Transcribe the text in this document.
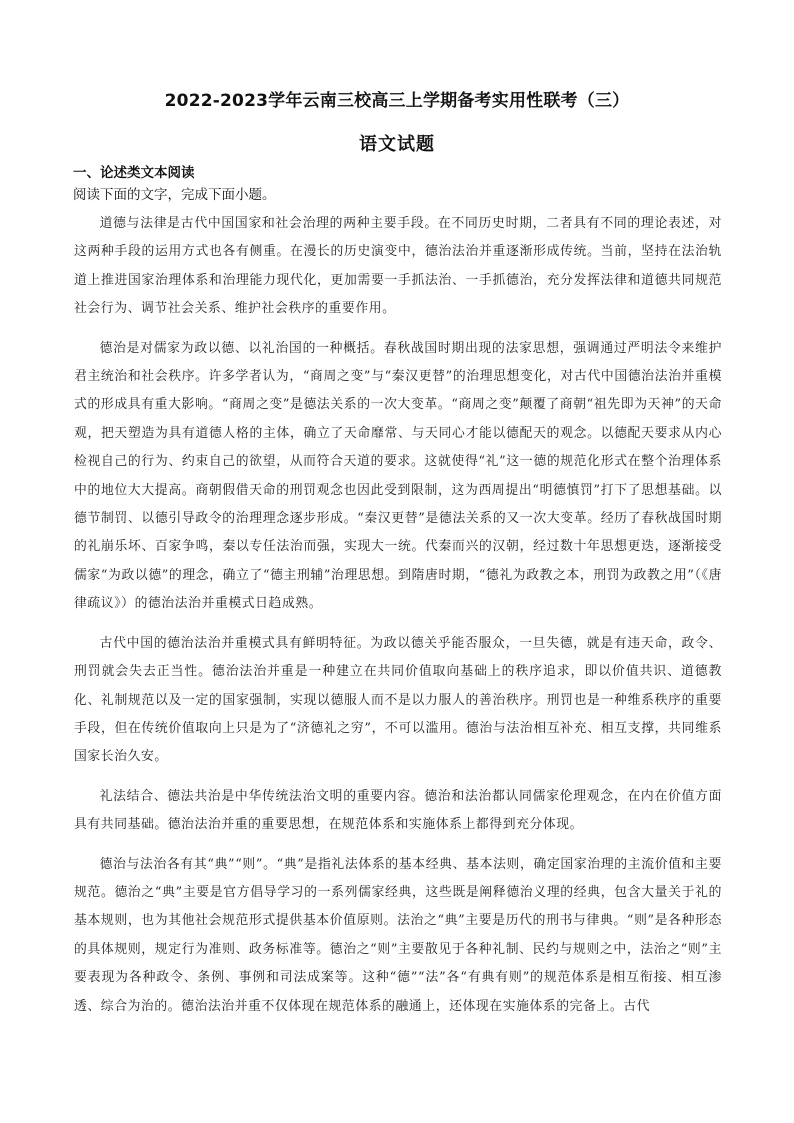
2022-2023学年云南三校高三上学期备考实用性联考（三）
语文试题
一、论述类文本阅读

阅读下面的文字，完成下面小题。

道德与法律是古代中国国家和社会治理的两种主要手段。在不同历史时期，二者具有不同的理论表述，对这两种手段的运用方式也各有侧重。在漫长的历史演变中，德治法治并重逐渐形成传统。当前，坚持在法治轨道上推进国家治理体系和治理能力现代化，更加需要一手抓法治、一手抓德治，充分发挥法律和道德共同规范社会行为、调节社会关系、维护社会秩序的重要作用。

德治是对儒家为政以德、以礼治国的一种概括。春秋战国时期出现的法家思想，强调通过严明法令来维护君主统治和社会秩序。许多学者认为，“商周之变”与“秦汉更替”的治理思想变化，对古代中国德治法治并重模式的形成具有重大影响。“商周之变”是德法关系的一次大变革。“商周之变”颠覆了商朝“祖先即为天神”的天命观，把天塑造为具有道德人格的主体，确立了天命靡常、与天同心才能以德配天的观念。以德配天要求从内心检视自己的行为、约束自己的欲望，从而符合天道的要求。这就使得“礼”这一德的规范化形式在整个治理体系中的地位大大提高。商朝假借天命的刑罚观念也因此受到限制，这为西周提出“明德慎罚”打下了思想基础。以德节制罚、以德引导政令的治理理念逐步形成。“秦汉更替”是德法关系的又一次大变革。经历了春秋战国时期的礼崩乐坏、百家争鸣，秦以专任法治而强，实现大一统。代秦而兴的汉朝，经过数十年思想更迭，逐渐接受儒家“为政以德”的理念，确立了“德主刑辅”治理思想。到隋唐时期，“德礼为政教之本，刑罚为政教之用”（《唐律疏议》）的德治法治并重模式日趋成熟。

古代中国的德治法治并重模式具有鲜明特征。为政以德关乎能否服众，一旦失德，就是有违天命，政令、刑罚就会失去正当性。德治法治并重是一种建立在共同价值取向基础上的秩序追求，即以价值共识、道德教化、礼制规范以及一定的国家强制，实现以德服人而不是以力服人的善治秩序。刑罚也是一种维系秩序的重要手段，但在传统价值取向上只是为了“济德礼之穷”，不可以滥用。德治与法治相互补充、相互支撑，共同维系国家长治久安。

礼法结合、德法共治是中华传统法治文明的重要内容。德治和法治都认同儒家伦理观念，在内在价值方面具有共同基础。德治法治并重的重要思想，在规范体系和实施体系上都得到充分体现。

德治与法治各有其“典”“则”。“典”是指礼法体系的基本经典、基本法则，确定国家治理的主流价值和主要规范。德治之“典”主要是官方倡导学习的一系列儒家经典，这些既是阐释德治义理的经典，包含大量关于礼的基本规则，也为其他社会规范形式提供基本价值原则。法治之“典”主要是历代的刑书与律典。“则”是各种形态的具体规则，规定行为准则、政务标准等。德治之“则”主要散见于各种礼制、民约与规则之中，法治之“则”主要表现为各种政令、条例、事例和司法成案等。这种“德”“法”各“有典有则”的规范体系是相互衔接、相互渗透、综合为治的。德治法治并重不仅体现在规范体系的融通上，还体现在实施体系的完备上。古代
